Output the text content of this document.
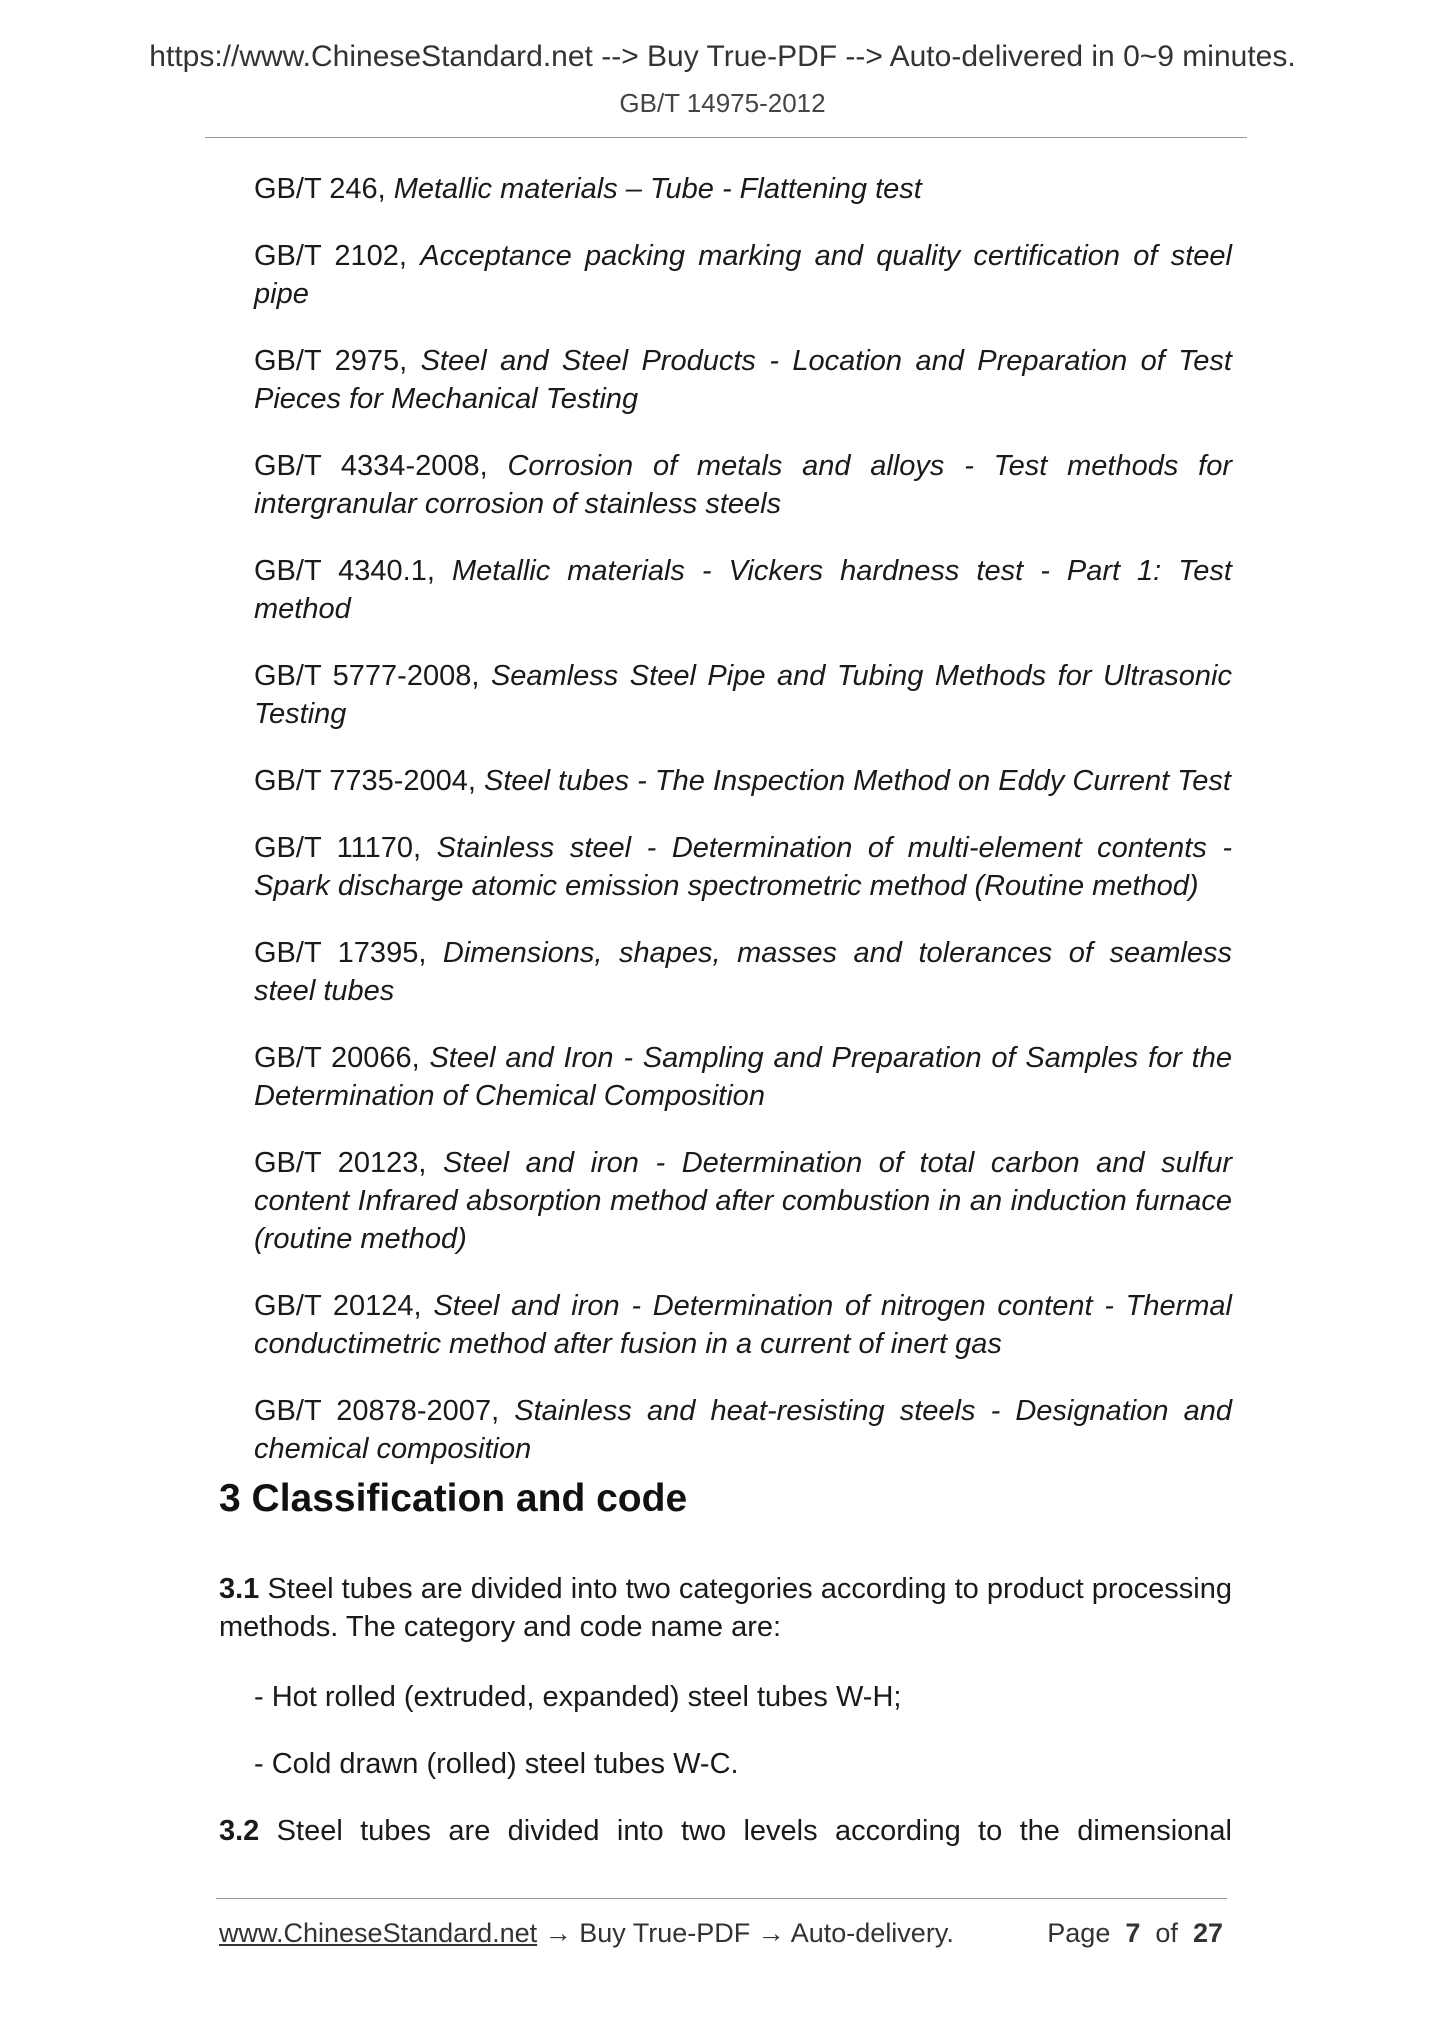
https://www.ChineseStandard.net --> Buy True-PDF --> Auto-delivered in 0~9 minutes.
GB/T 14975-2012
GB/T 246, Metallic materials – Tube - Flattening test
GB/T 2102, Acceptance packing marking and quality certification of steel pipe
GB/T 2975, Steel and Steel Products - Location and Preparation of Test Pieces for Mechanical Testing
GB/T 4334-2008, Corrosion of metals and alloys - Test methods for intergranular corrosion of stainless steels
GB/T 4340.1, Metallic materials - Vickers hardness test - Part 1: Test method
GB/T 5777-2008, Seamless Steel Pipe and Tubing Methods for Ultrasonic Testing
GB/T 7735-2004, Steel tubes - The Inspection Method on Eddy Current Test
GB/T 11170, Stainless steel - Determination of multi-element contents - Spark discharge atomic emission spectrometric method (Routine method)
GB/T 17395, Dimensions, shapes, masses and tolerances of seamless steel tubes
GB/T 20066, Steel and Iron - Sampling and Preparation of Samples for the Determination of Chemical Composition
GB/T 20123, Steel and iron - Determination of total carbon and sulfur content Infrared absorption method after combustion in an induction furnace (routine method)
GB/T 20124, Steel and iron - Determination of nitrogen content - Thermal conductimetric method after fusion in a current of inert gas
GB/T 20878-2007, Stainless and heat-resisting steels - Designation and chemical composition
3 Classification and code

3.1 Steel tubes are divided into two categories according to product processing methods. The category and code name are:

- Hot rolled (extruded, expanded) steel tubes W-H;

- Cold drawn (rolled) steel tubes W-C.

3.2 Steel tubes are divided into two levels according to the dimensional

www.ChineseStandard.net → Buy True-PDF → Auto-delivery.	Page 7 of 27
